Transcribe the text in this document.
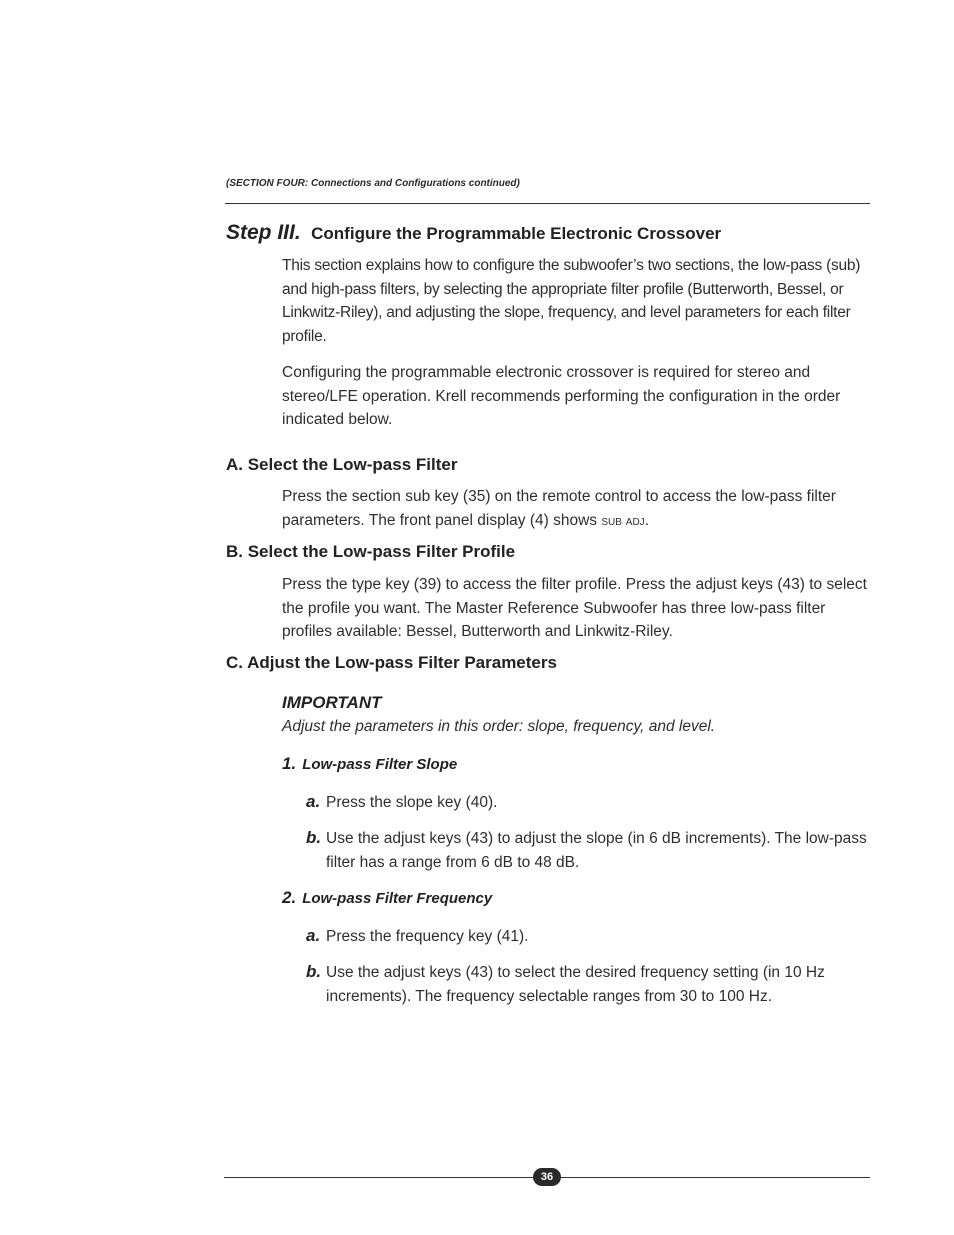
(SECTION FOUR: Connections and Configurations continued)
Step III. Configure the Programmable Electronic Crossover
This section explains how to configure the subwoofer’s two sections, the low-pass (sub) and high-pass filters, by selecting the appropriate filter profile (Butterworth, Bessel, or Linkwitz-Riley), and adjusting the slope, frequency, and level parameters for each filter profile.
Configuring the programmable electronic crossover is required for stereo and stereo/LFE operation. Krell recommends performing the configuration in the order indicated below.
A. Select the Low-pass Filter
Press the section sub key (35) on the remote control to access the low-pass filter parameters. The front panel display (4) shows sub adj.
B. Select the Low-pass Filter Profile
Press the type key (39) to access the filter profile. Press the adjust keys (43) to select the profile you want. The Master Reference Subwoofer has three low-pass filter profiles available: Bessel, Butterworth and Linkwitz-Riley.
C. Adjust the Low-pass Filter Parameters
IMPORTANT
Adjust the parameters in this order: slope, frequency, and level.
1. Low-pass Filter Slope
a. Press the slope key (40).
b. Use the adjust keys (43) to adjust the slope (in 6 dB increments). The low-pass filter has a range from 6 dB to 48 dB.
2. Low-pass Filter Frequency
a. Press the frequency key (41).
b. Use the adjust keys (43) to select the desired frequency setting (in 10 Hz increments). The frequency selectable ranges from 30 to 100 Hz.
36
